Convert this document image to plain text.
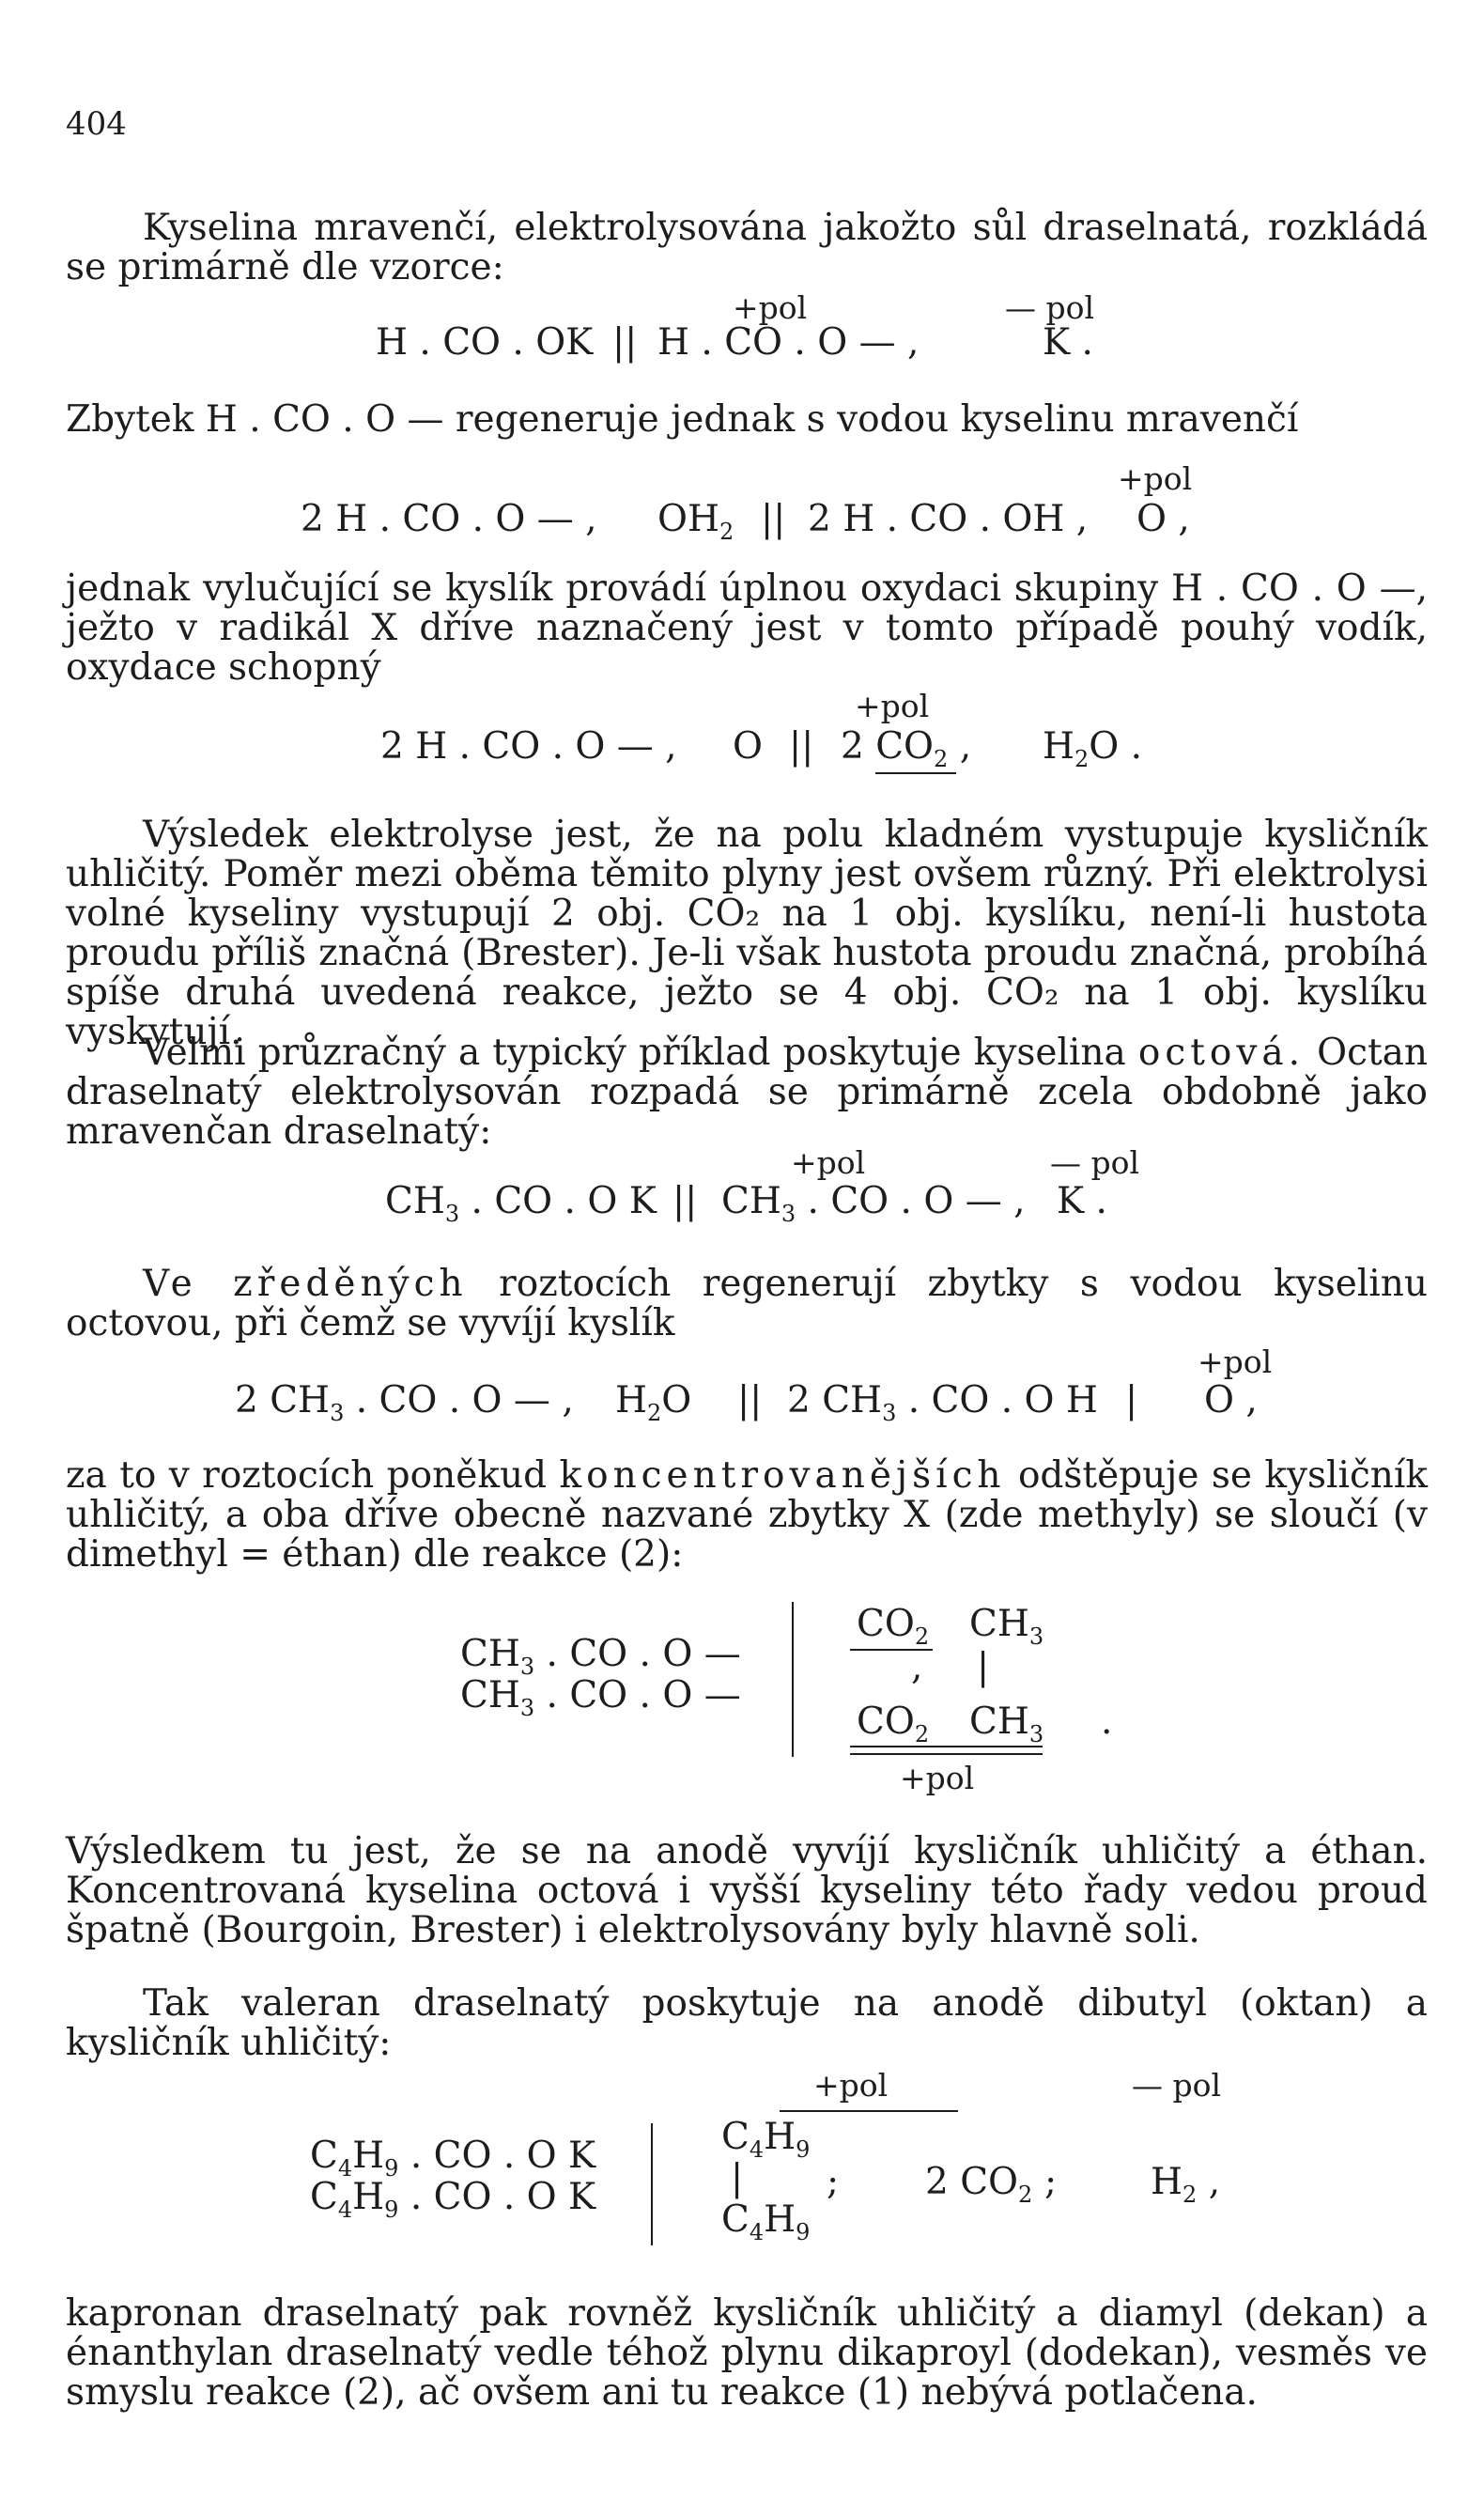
404
Kyselina mravenčí, elektrolysována jakožto sůl draselnatá, rozkládá se primárně dle vzorce:
+pol	— pol
H . CO . OK || H . CO . O — ,	K .
Zbytek H . CO . O — regeneruje jednak s vodou kyselinu mravenčí
+pol
2 H . CO . O — , $OH_2$ || 2 H . CO . OH , O ,
jednak vylučující se kyslík provádí úplnou oxydaci skupiny H . CO . O —, ježto v radikál X dříve naznačený jest v tomto případě pouhý vodík, oxydace schopný
+pol
2 H . CO . O — , O || 2 $CO_2$ , $H_2O$ .
Výsledek elektrolyse jest, že na polu kladném vystupuje kysličník uhličitý. Poměr mezi oběma těmito plyny jest ovšem různý. Při elektrolysi volné kyseliny vystupují 2 obj. CO₂ na 1 obj. kyslíku, není-li hustota proudu příliš značná (Brester). Je-li však hustota proudu značná, probíhá spíše druhá uvedená reakce, ježto se 4 obj. CO₂ na 1 obj. kyslíku vyskytují.
Velmi průzračný a typický příklad poskytuje kyselina octová. Octan draselnatý elektrolysován rozpadá se primárně zcela obdobně jako mravenčan draselnatý:
+pol	— pol
$CH_3$ . CO . O K || $CH_3$ . CO . O — , K .
Ve zředěných roztocích regenerují zbytky s vodou kyselinu octovou, při čemž se vyvíjí kyslík
+pol
2 $CH_3$ . CO . O — , $H_2O$ || 2 $CH_3$ . CO . O H | O ,
za to v roztocích poněkud koncentrovanějších odštěpuje se kysličník uhličitý, a oba dříve obecně nazvané zbytky X (zde methyly) se sloučí (v dimethyl = éthan) dle reakce (2):
$CH_3$ . CO . O —
$CH_3$ . CO . O —
$CO_2$ $CH_3$
, |
$CO_2$ $CH_3$ .
+pol
Výsledkem tu jest, že se na anodě vyvíjí kysličník uhličitý a éthan. Koncentrovaná kyselina octová i vyšší kyseliny této řady vedou proud špatně (Bourgoin, Brester) i elektrolysovány byly hlavně soli.
Tak valeran draselnatý poskytuje na anodě dibutyl (oktan) a kysličník uhličitý:
+pol	— pol
$C_4H_9$ . CO . O K
$C_4H_9$ . CO . O K
$C_4H_9$
|
$C_4H_9$
; 2 $CO_2$ ;	$H_2$ ,
kapronan draselnatý pak rovněž kysličník uhličitý a diamyl (dekan) a énanthylan draselnatý vedle téhož plynu dikaproyl (dodekan), vesměs ve smyslu reakce (2), ač ovšem ani tu reakce (1) nebývá potlačena.
